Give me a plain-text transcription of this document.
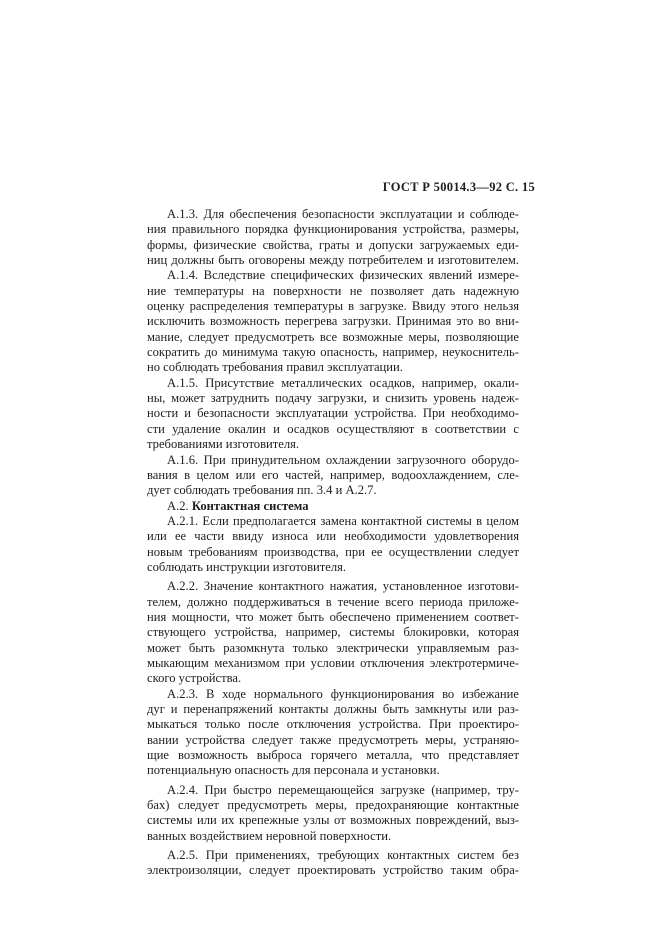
ГОСТ Р 50014.3—92 С. 15
А.1.3. Для обеспечения безопасности эксплуатации и соблюде-
ния правильного порядка функционирования устройства, размеры,
формы, физические свойства, граты и допуски загружаемых еди-
ниц должны быть оговорены между потребителем и изготовителем.
А.1.4. Вследствие специфических физических явлений измере-
ние температуры на поверхности не позволяет дать надежную
оценку распределения температуры в загрузке. Ввиду этого нельзя
исключить возможность перегрева загрузки. Принимая это во вни-
мание, следует предусмотреть все возможные меры, позволяющие
сократить до минимума такую опасность, например, неукоснитель-
но соблюдать требования правил эксплуатации.
А.1.5. Присутствие металлических осадков, например, окали-
ны, может затруднить подачу загрузки, и снизить уровень надеж-
ности и безопасности эксплуатации устройства. При необходимо-
сти удаление окалин и осадков осуществляют в соответствии с
требованиями изготовителя.
А.1.6. При принудительном охлаждении загрузочного оборудо-
вания в целом или его частей, например, водоохлаждением, сле-
дует соблюдать требования пп. 3.4 и А.2.7.
А.2. Контактная система
А.2.1. Если предполагается замена контактной системы в целом
или ее части ввиду износа или необходимости удовлетворения
новым требованиям производства, при ее осуществлении следует
соблюдать инструкции изготовителя.
А.2.2. Значение контактного нажатия, установленное изготови-
телем, должно поддерживаться в течение всего периода приложе-
ния мощности, что может быть обеспечено применением соответ-
ствующего устройства, например, системы блокировки, которая
может быть разомкнута только электрически управляемым раз-
мыкающим механизмом при условии отключения электротермиче-
ского устройства.
А.2.3. В ходе нормального функционирования во избежание
дуг и перенапряжений контакты должны быть замкнуты или раз-
мыкаться только после отключения устройства. При проектиро-
вании устройства следует также предусмотреть меры, устраняю-
щие возможность выброса горячего металла, что представляет
потенциальную опасность для персонала и установки.
А.2.4. При быстро перемещающейся загрузке (например, тру-
бах) следует предусмотреть меры, предохраняющие контактные
системы или их крепежные узлы от возможных повреждений, выз-
ванных воздействием неровной поверхности.
А.2.5. При применениях, требующих контактных систем без
электроизоляции, следует проектировать устройство таким обра-
